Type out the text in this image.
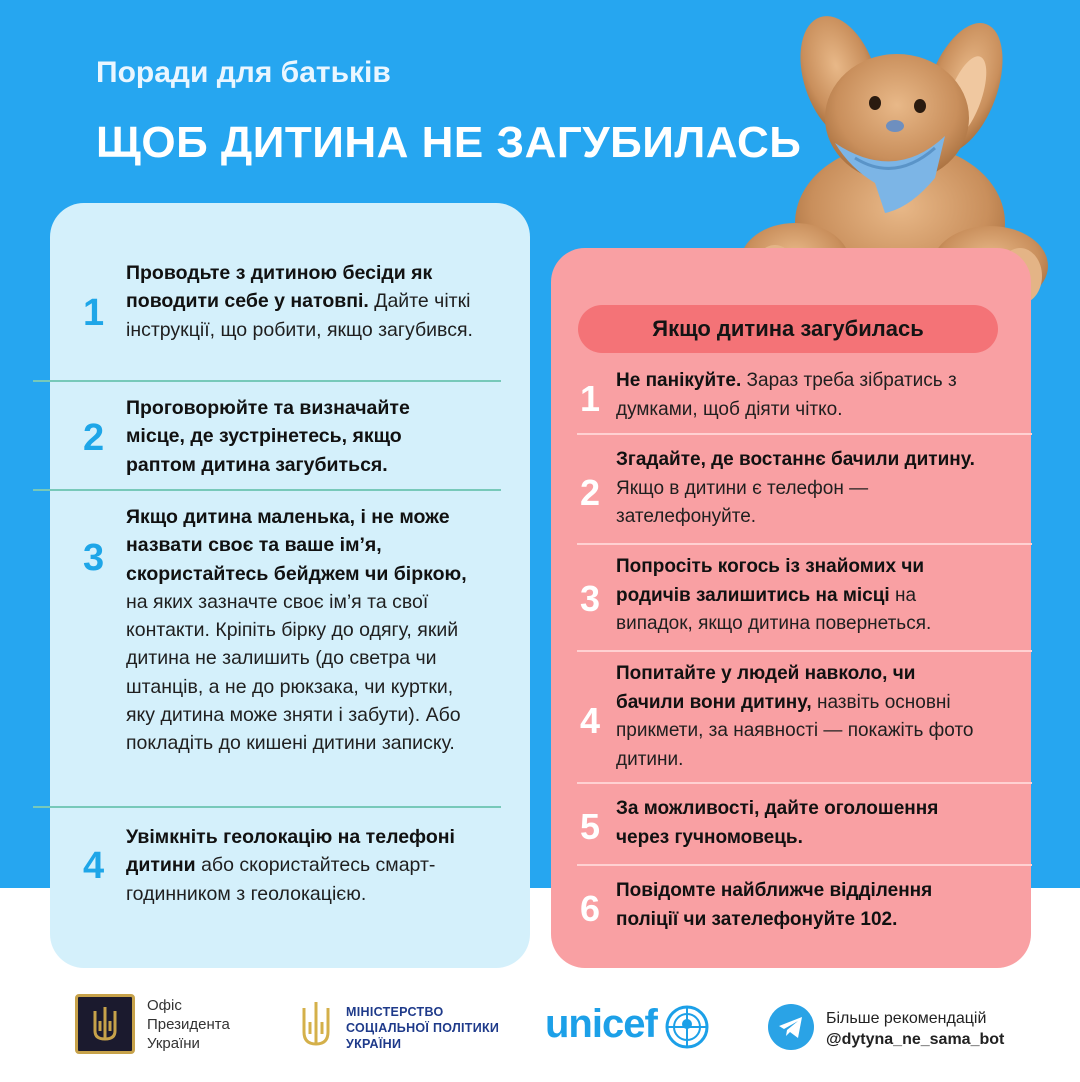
Поради для батьків
ЩОБ ДИТИНА НЕ ЗАГУБИЛАСЬ
1
Проводьте з дитиною бесіди як поводити себе у натовпі. Дайте чіткі інструкції, що робити, якщо загубився.
2
Проговорюйте та визначайте місце, де зустрінетесь, якщо раптом дитина загубиться.
3
Якщо дитина маленька, і не може назвати своє та ваше ім’я, скористайтесь бейджем чи біркою, на яких зазначте своє ім’я та свої контакти. Кріпіть бірку до одягу, який дитина не залишить (до светра чи штанців, а не до рюкзака, чи куртки, яку дитина може зняти і забути). Або покладіть до кишені дитини записку.
4
Увімкніть геолокацію на телефоні дитини або скористайтесь смарт-годинником з геолокацією.
Якщо дитина загубилась
1 Не панікуйте. Зараз треба зібратись з думками, щоб діяти чітко.
2
Згадайте, де востаннє бачили дитину. Якщо в дитини є телефон — зателефонуйте.
3
Попросіть когось із знайомих чи родичів залишитись на місці на випадок, якщо дитина повернеться.
4
Попитайте у людей навколо, чи бачили вони дитину, назвіть основні прикмети, за наявності — покажіть фото дитини.
5 За можливості, дайте оголошення через гучномовець.
6 Повідомте найближче відділення поліції чи зателефонуйте 102.
Офіс
Президента
України
МІНІСТЕРСТВО
СОЦІАЛЬНОЇ ПОЛІТИКИ
УКРАЇНИ	unicef	Більше рекомендацій
@dytyna_ne_sama_bot
